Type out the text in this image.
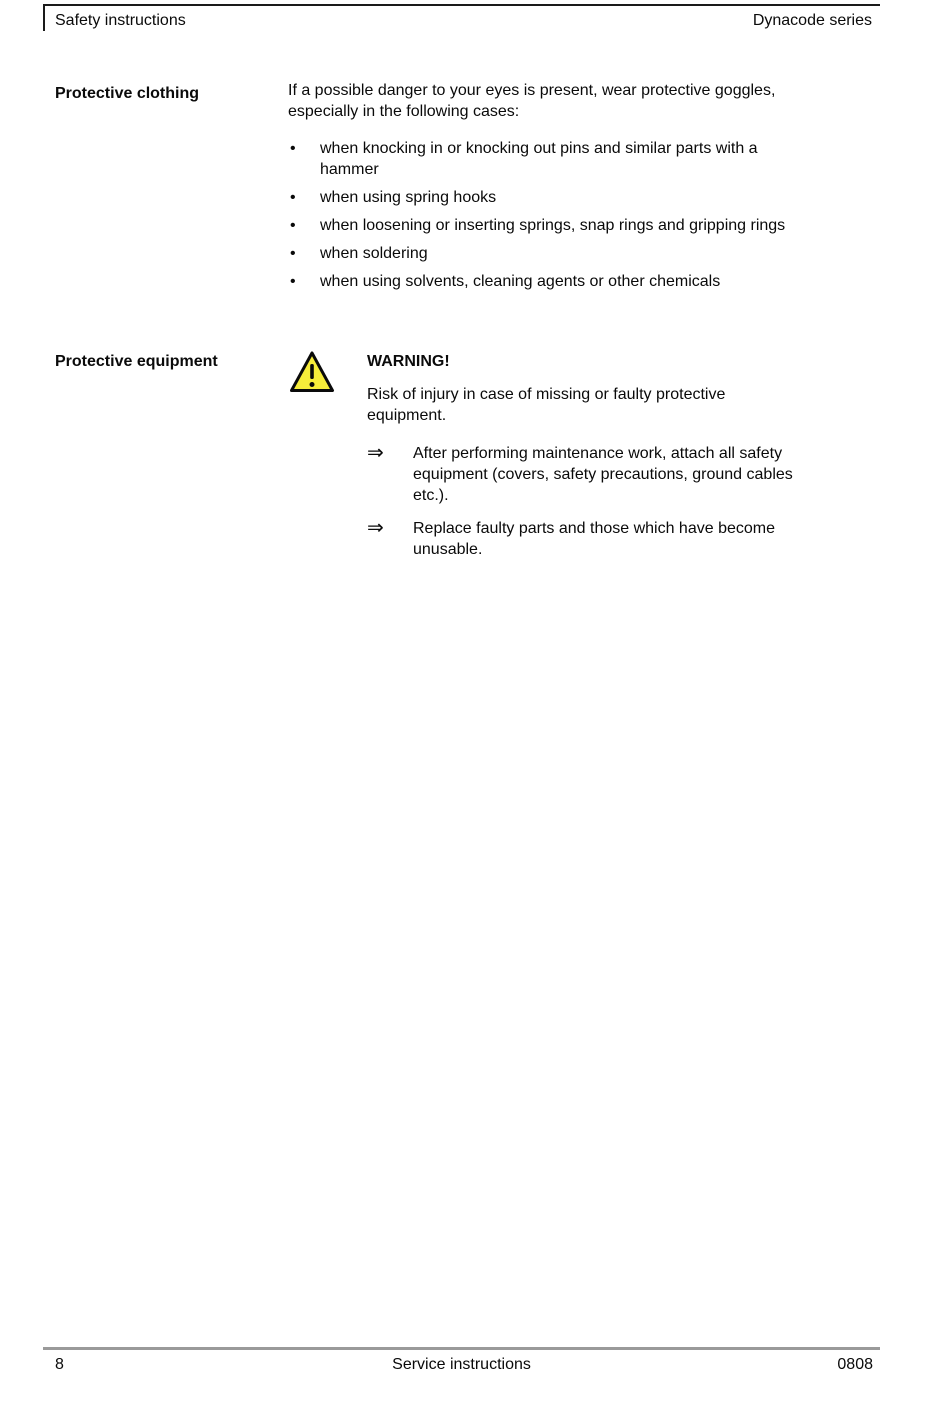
Safety instructions	Dynacode series
Protective clothing	If a possible danger to your eyes is present, wear protective goggles,
especially in the following cases:
•	when knocking in or knocking out pins and similar parts with a
hammer
•	when using spring hooks
•	when loosening or inserting springs, snap rings and gripping rings
•	when soldering
•	when using solvents, cleaning agents or other chemicals
Protective equipment	WARNING!
Risk of injury in case of missing or faulty protective
equipment.
⇒	After performing maintenance work, attach all safety
equipment (covers, safety precautions, ground cables
etc.).
⇒	Replace faulty parts and those which have become
unusable.
8	Service instructions	0808
